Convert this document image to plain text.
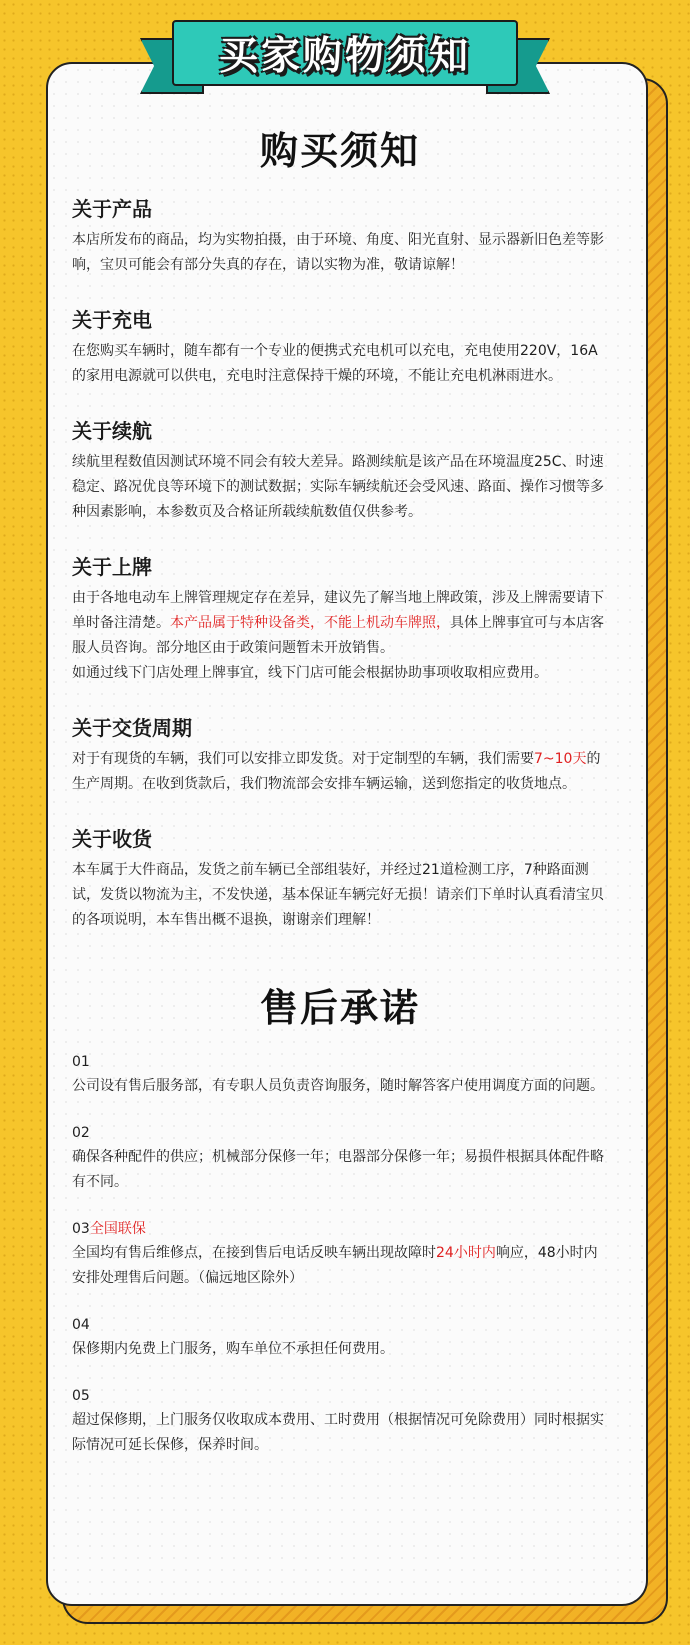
买家购物须知
购买须知
关于产品

本店所发布的商品，均为实物拍摄，由于环境、角度、阳光直射、显示器新旧色差等影响，宝贝可能会有部分失真的存在，请以实物为准，敬请谅解！

关于充电

在您购买车辆时，随车都有一个专业的便携式充电机可以充电，充电使用220V，16A的家用电源就可以供电，充电时注意保持干燥的环境，不能让充电机淋雨进水。

关于续航

续航里程数值因测试环境不同会有较大差异。路测续航是该产品在环境温度25C、时速稳定、路况优良等环境下的测试数据；实际车辆续航还会受风速、路面、操作习惯等多种因素影响，本参数页及合格证所载续航数值仅供参考。

关于上牌

由于各地电动车上牌管理规定存在差异，建议先了解当地上牌政策，涉及上牌需要请下单时备注清楚。本产品属于特种设备类，不能上机动车牌照，具体上牌事宜可与本店客服人员咨询。部分地区由于政策问题暂未开放销售。

如通过线下门店处理上牌事宜，线下门店可能会根据协助事项收取相应费用。

关于交货周期

对于有现货的车辆，我们可以安排立即发货。对于定制型的车辆，我们需要7~10天的生产周期。在收到货款后，我们物流部会安排车辆运输，送到您指定的收货地点。

关于收货

本车属于大件商品，发货之前车辆已全部组装好，并经过21道检测工序，7种路面测试，发货以物流为主，不发快递，基本保证车辆完好无损！请亲们下单时认真看清宝贝的各项说明，本车售出概不退换，谢谢亲们理解！

售后承诺
01

公司设有售后服务部，有专职人员负责咨询服务，随时解答客户使用调度方面的问题。

02

确保各种配件的供应；机械部分保修一年；电器部分保修一年；易损件根据具体配件略有不同。

03全国联保

全国均有售后维修点，在接到售后电话反映车辆出现故障时24小时内响应，48小时内安排处理售后问题。（偏远地区除外）

04

保修期内免费上门服务，购车单位不承担任何费用。

05

超过保修期，上门服务仅收取成本费用、工时费用（根据情况可免除费用）同时根据实际情况可延长保修，保养时间。
